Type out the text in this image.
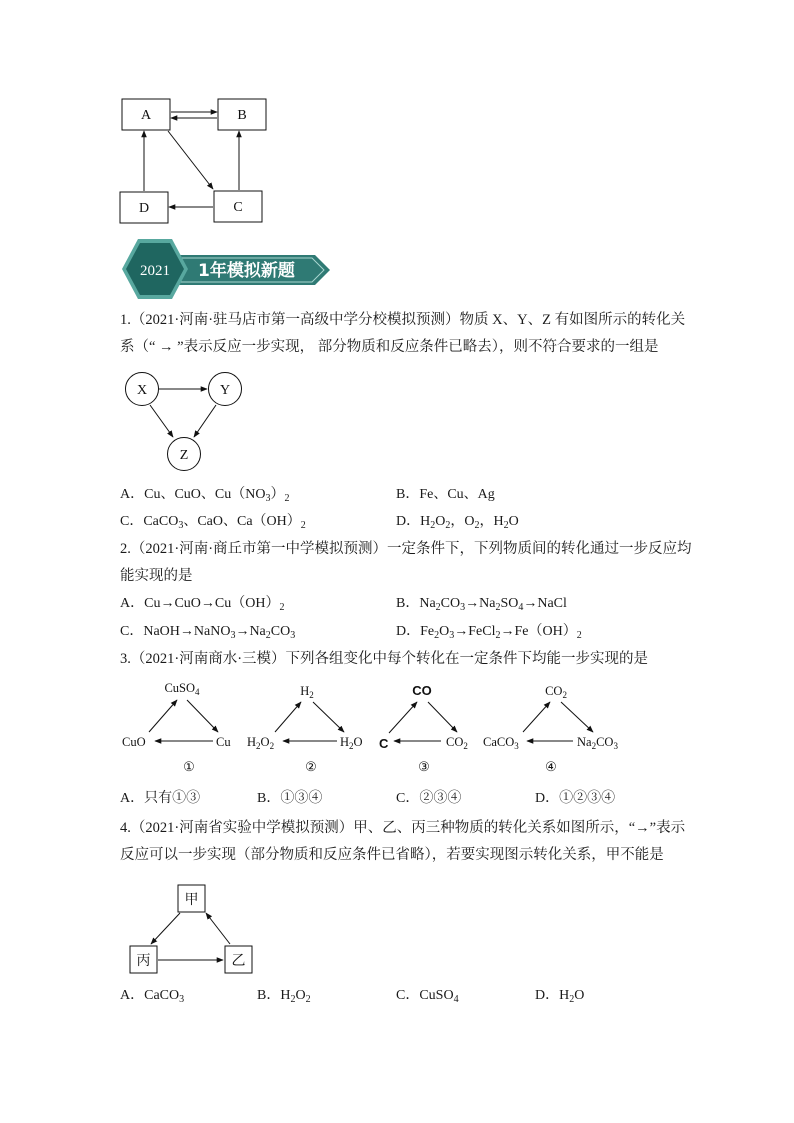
A	B
C
D
2021 1年模拟新题
1.（2021·河南·驻马店市第一高级中学分校模拟预测）物质 X、Y、Z 有如图所示的转化关
系（“ → ”表示反应一步实现， 部分物质和反应条件已略去），则不符合要求的一组是
X	Y
Z
A．Cu、CuO、$Cu(NO_3)_2$	B．Fe、Cu、Ag
C．CaCO$_3$、CaO、$Ca(OH)_2$	D．$H_2O_2$，$O_2$，$H_2O$
2.（2021·河南·商丘市第一中学模拟预测）一定条件下，下列物质间的转化通过一步反应均
能实现的是
A．$Cu\to CuO\to Cu(OH)_2$	B．$Na_2CO_3\to Na_2SO_4\to NaCl$
C．$NaOH\to NaNO_3\to Na_2CO_3$	D．$Fe_2O_3\to FeCl_2\to Fe(OH)_2$
3.（2021·河南商水·三模）下列各组变化中每个转化在一定条件下均能一步实现的是
CuSO$_4$
CuO	Cu
①
$H_2$
$H_2O_2$	$H_2O$
②
CO
C	$CO_2$
③
$CO_2$
CaCO$_3$	$Na_2CO_3$
④
A．只有①③	B．①③④	C．②③④	D．①②③④
4.（2021·河南省实验中学模拟预测）甲、乙、丙三种物质的转化关系如图所示，“→”表示
反应可以一步实现（部分物质和反应条件已省略），若要实现图示转化关系，甲不能是
甲
丙	乙
A．CaCO$_3$	B．$H_2O_2$	C．CuSO$_4$	D．$H_2O$
